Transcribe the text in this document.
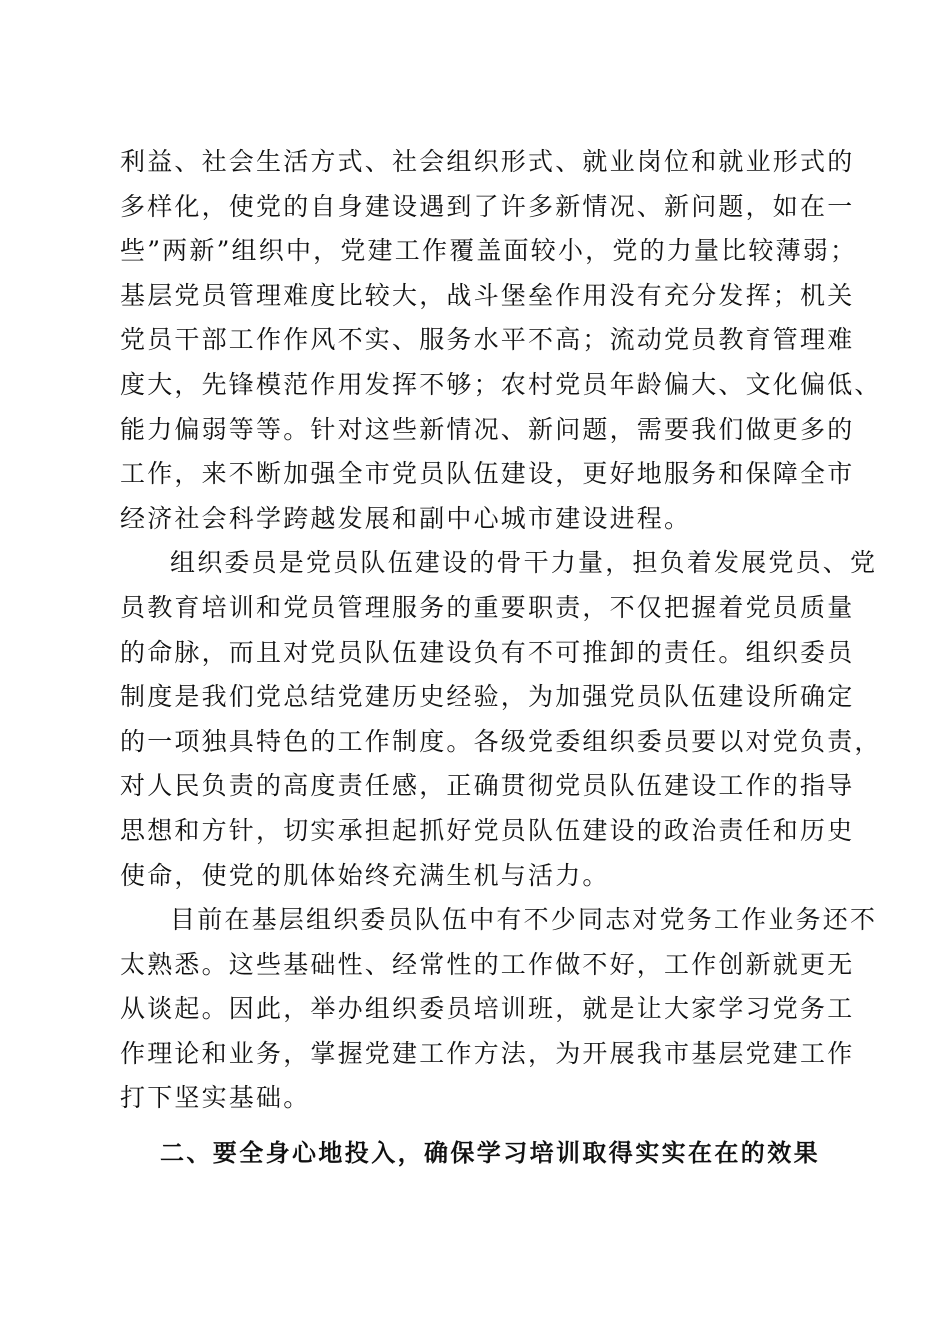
利益、社会生活方式、社会组织形式、就业岗位和就业形式的
多样化，使党的自身建设遇到了许多新情况、新问题，如在一
些”两新”组织中，党建工作覆盖面较小，党的力量比较薄弱；
基层党员管理难度比较大，战斗堡垒作用没有充分发挥；机关
党员干部工作作风不实、服务水平不高；流动党员教育管理难
度大，先锋模范作用发挥不够；农村党员年龄偏大、文化偏低、
能力偏弱等等。针对这些新情况、新问题，需要我们做更多的
工作，来不断加强全市党员队伍建设，更好地服务和保障全市
经济社会科学跨越发展和副中心城市建设进程。
组织委员是党员队伍建设的骨干力量，担负着发展党员、党
员教育培训和党员管理服务的重要职责，不仅把握着党员质量
的命脉，而且对党员队伍建设负有不可推卸的责任。组织委员
制度是我们党总结党建历史经验，为加强党员队伍建设所确定
的一项独具特色的工作制度。各级党委组织委员要以对党负责，
对人民负责的高度责任感，正确贯彻党员队伍建设工作的指导
思想和方针，切实承担起抓好党员队伍建设的政治责任和历史
使命，使党的肌体始终充满生机与活力。
目前在基层组织委员队伍中有不少同志对党务工作业务还不
太熟悉。这些基础性、经常性的工作做不好，工作创新就更无
从谈起。因此，举办组织委员培训班，就是让大家学习党务工
作理论和业务，掌握党建工作方法，为开展我市基层党建工作
打下坚实基础。
二、要全身心地投入，确保学习培训取得实实在在的效果
